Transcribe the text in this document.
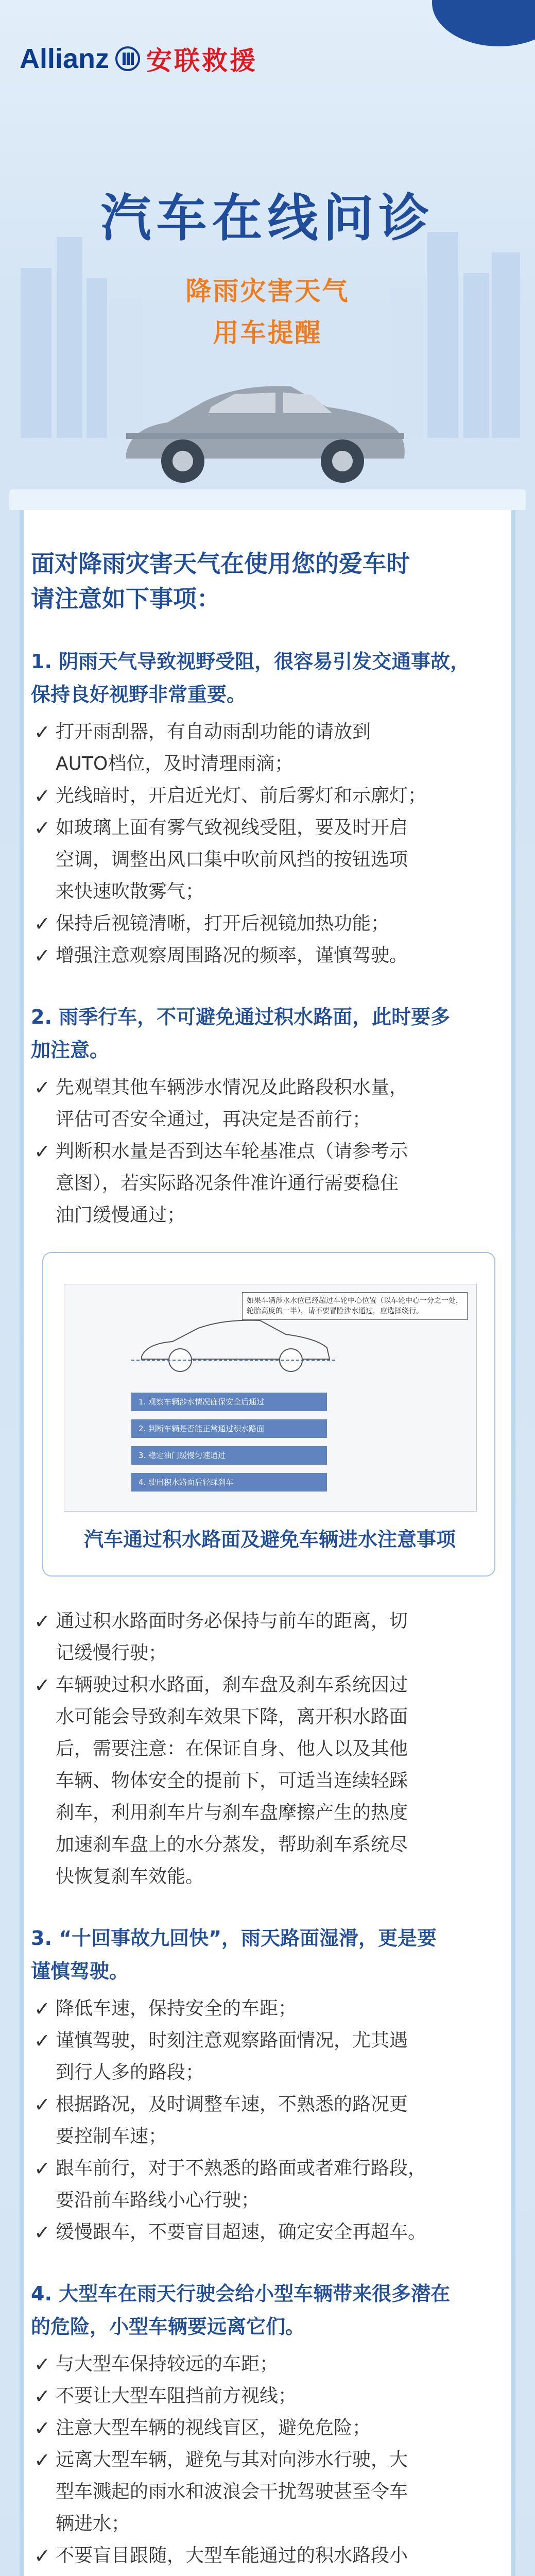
Allianz 安联救援
汽车在线问诊
降雨灾害天气
用车提醒

面对降雨灾害天气在使用您的爱车时
请注意如下事项：

1. 阴雨天气导致视野受阻，很容易引发交通事故，
保持良好视野非常重要。
✓ 打开雨刮器，有自动雨刮功能的请放到
AUTO档位，及时清理雨滴；
✓ 光线暗时，开启近光灯、前后雾灯和示廓灯；
✓ 如玻璃上面有雾气致视线受阻，要及时开启
空调，调整出风口集中吹前风挡的按钮选项
来快速吹散雾气；
✓ 保持后视镜清晰，打开后视镜加热功能；
✓ 增强注意观察周围路况的频率，谨慎驾驶。
2. 雨季行车，不可避免通过积水路面，此时要多
加注意。
✓ 先观望其他车辆涉水情况及此路段积水量，
评估可否安全通过，再决定是否前行；
✓ 判断积水量是否到达车轮基准点（请参考示
意图），若实际路况条件准许通行需要稳住
油门缓慢通过；
如果车辆涉水水位已经超过车轮中心位置（以车轮中心一分之一处，轮胎高度的一半），请不要冒险涉水通过，应选择绕行。
1. 观察车辆涉水情况确保安全后通过
2. 判断车辆是否能正常通过积水路面
3. 稳定油门缓慢匀速通过
4. 驶出积水路面后轻踩刹车
汽车通过积水路面及避免车辆进水注意事项
✓ 通过积水路面时务必保持与前车的距离，切
记缓慢行驶；
✓ 车辆驶过积水路面，刹车盘及刹车系统因过
水可能会导致刹车效果下降，离开积水路面
后，需要注意：在保证自身、他人以及其他
车辆、物体安全的提前下，可适当连续轻踩
刹车，利用刹车片与刹车盘摩擦产生的热度
加速刹车盘上的水分蒸发，帮助刹车系统尽
快恢复刹车效能。
3. “十回事故九回快”，雨天路面湿滑，更是要
谨慎驾驶。
✓ 降低车速，保持安全的车距；
✓ 谨慎驾驶，时刻注意观察路面情况，尤其遇
到行人多的路段；
✓ 根据路况，及时调整车速，不熟悉的路况更
要控制车速；
✓ 跟车前行，对于不熟悉的路面或者难行路段，
要沿前车路线小心行驶；
✓ 缓慢跟车，不要盲目超速，确定安全再超车。
4. 大型车在雨天行驶会给小型车辆带来很多潜在
的危险，小型车辆要远离它们。
✓ 与大型车保持较远的车距；
✓ 不要让大型车阻挡前方视线；
✓ 注意大型车辆的视线盲区，避免危险；
✓ 远离大型车辆，避免与其对向涉水行驶，大
型车溅起的雨水和波浪会干扰驾驶甚至令车
辆进水；
✓ 不要盲目跟随，大型车能通过的积水路段小
